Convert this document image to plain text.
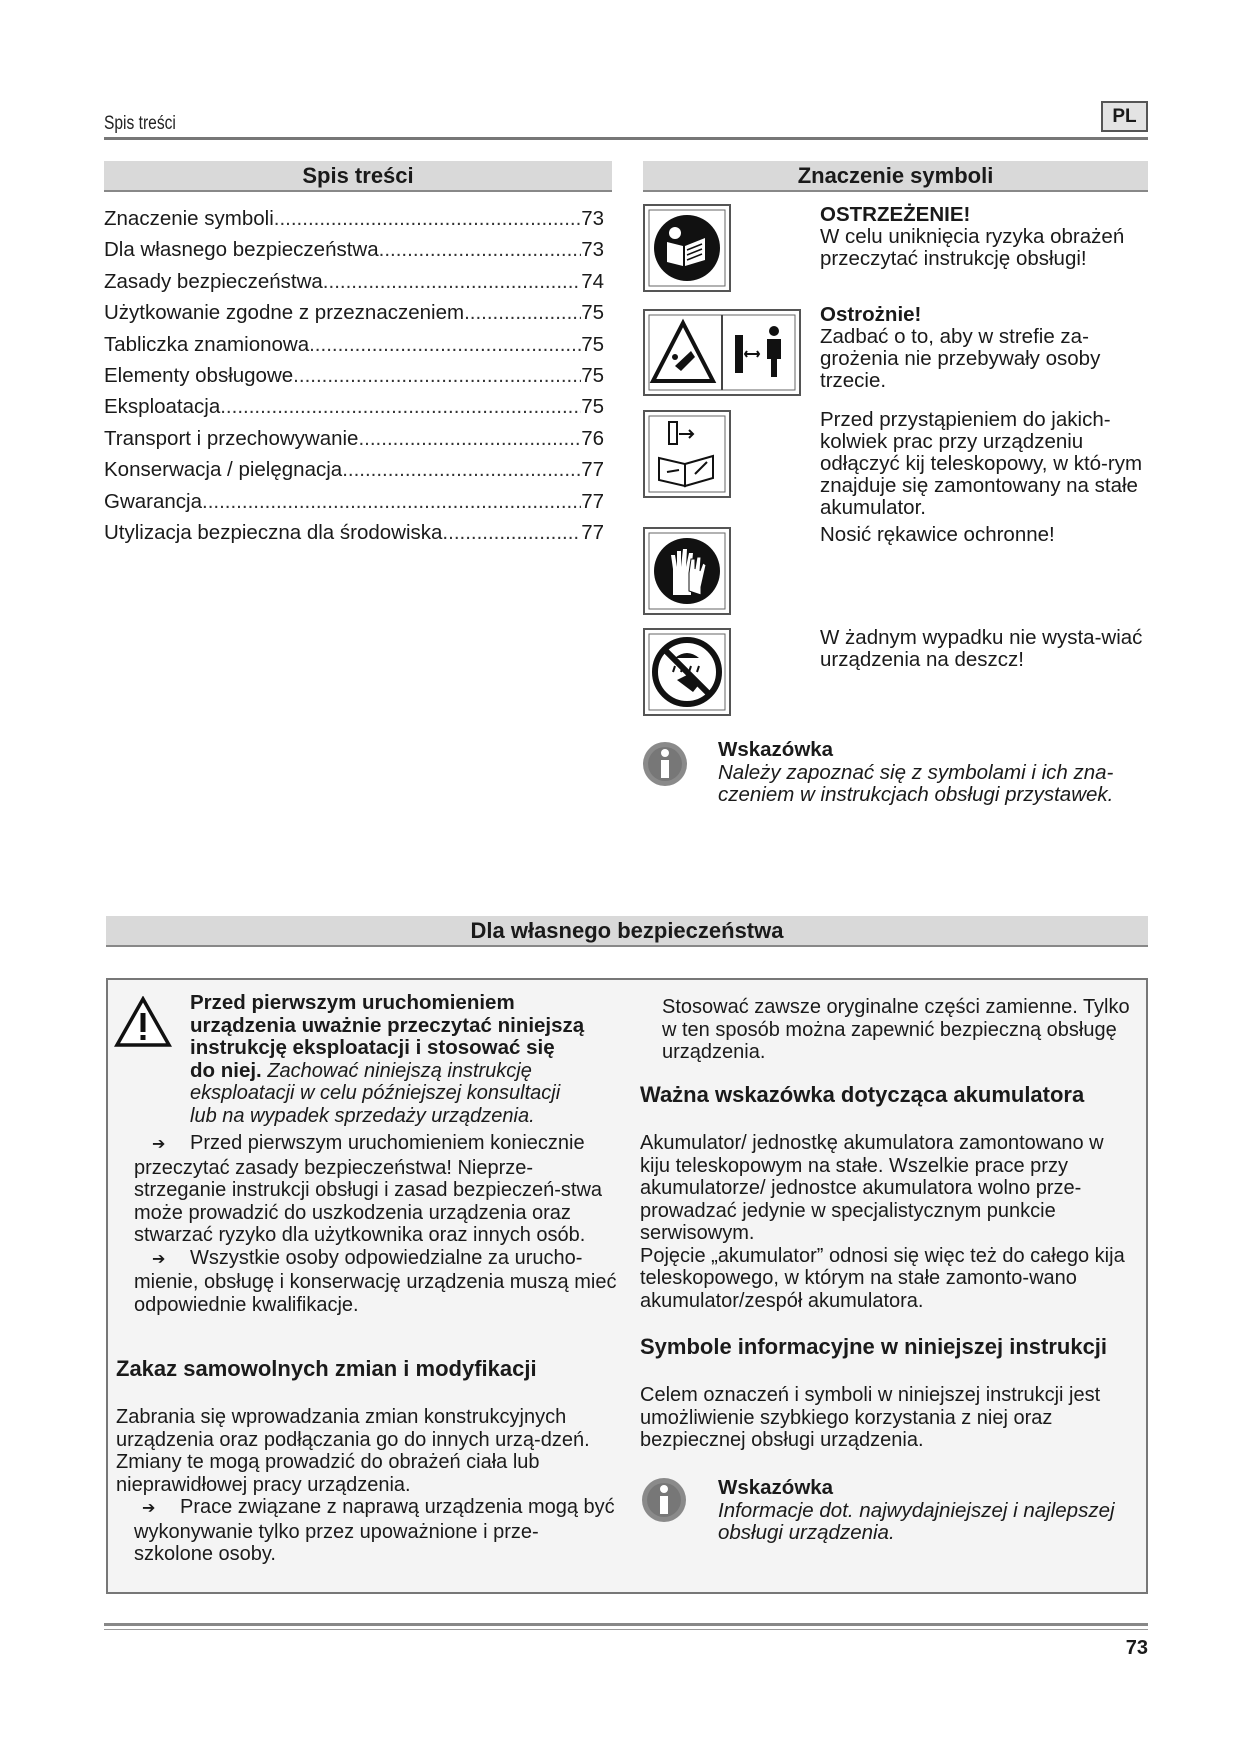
Spis treści	PL
Spis treści
Znaczenie symboli .....	73
Dla własnego bezpieczeństwa .....	73
Zasady bezpieczeństwa .....	74
Użytkowanie zgodne z przeznaczeniem .....	75
Tabliczka znamionowa .....	75
Elementy obsługowe .....	75
Eksploatacja .....	75
Transport i przechowywanie .....	76
Konserwacja / pielęgnacja .....	77
Gwarancja .....	77
Utylizacja bezpieczna dla środowiska .....	77
Znaczenie symboli
OSTRZEŻENIE!
W celu uniknięcia ryzyka obrażeń przeczytać instrukcję obsługi!
Ostrożnie!
Zadbać o to, aby w strefie za-grożenia nie przebywały osoby trzecie.
Przed przystąpieniem do jakich-kolwiek prac przy urządzeniu odłączyć kij teleskopowy, w któ-rym znajduje się zamontowany na stałe akumulator.
Nosić rękawice ochronne!
W żadnym wypadku nie wysta-wiać urządzenia na deszcz!
Wskazówka
Należy zapoznać się z symbolami i ich zna-czeniem w instrukcjach obsługi przystawek.
Dla własnego bezpieczeństwa
Przed pierwszym uruchomieniem urządzenia uważnie przeczytać niniejszą instrukcję eksploatacji i stosować się do niej. Zachować niniejszą instrukcję eksploatacji w celu późniejszej konsultacji lub na wypadek sprzedaży urządzenia.
➔ Przed pierwszym uruchomieniem koniecznie przeczytać zasady bezpieczeństwa! Nieprze-strzeganie instrukcji obsługi i zasad bezpieczeń-stwa może prowadzić do uszkodzenia urządzenia oraz stwarzać ryzyko dla użytkownika oraz innych osób.
➔ Wszystkie osoby odpowiedzialne za urucho-mienie, obsługę i konserwację urządzenia muszą mieć odpowiednie kwalifikacje.
Zakaz samowolnych zmian i modyfikacji
Zabrania się wprowadzania zmian konstrukcyjnych urządzenia oraz podłączania go do innych urzą-dzeń. Zmiany te mogą prowadzić do obrażeń ciała lub nieprawidłowej pracy urządzenia.
➔ Prace związane z naprawą urządzenia mogą być wykonywanie tylko przez upoważnione i prze-szkolone osoby.
Stosować zawsze oryginalne części zamienne. Tylko w ten sposób można zapewnić bezpieczną obsługę urządzenia.
Ważna wskazówka dotycząca akumulatora
Akumulator/ jednostkę akumulatora zamontowano w kiju teleskopowym na stałe. Wszelkie prace przy akumulatorze/ jednostce akumulatora wolno prze-prowadzać jedynie w specjalistycznym punkcie serwisowym.
Pojęcie „akumulator” odnosi się więc też do całego kija teleskopowego, w którym na stałe zamonto-wano akumulator/zespół akumulatora.
Symbole informacyjne w niniejszej instrukcji
Celem oznaczeń i symboli w niniejszej instrukcji jest umożliwienie szybkiego korzystania z niej oraz bezpiecznej obsługi urządzenia.
Wskazówka
Informacje dot. najwydajniejszej i najlepszej obsługi urządzenia.
73
